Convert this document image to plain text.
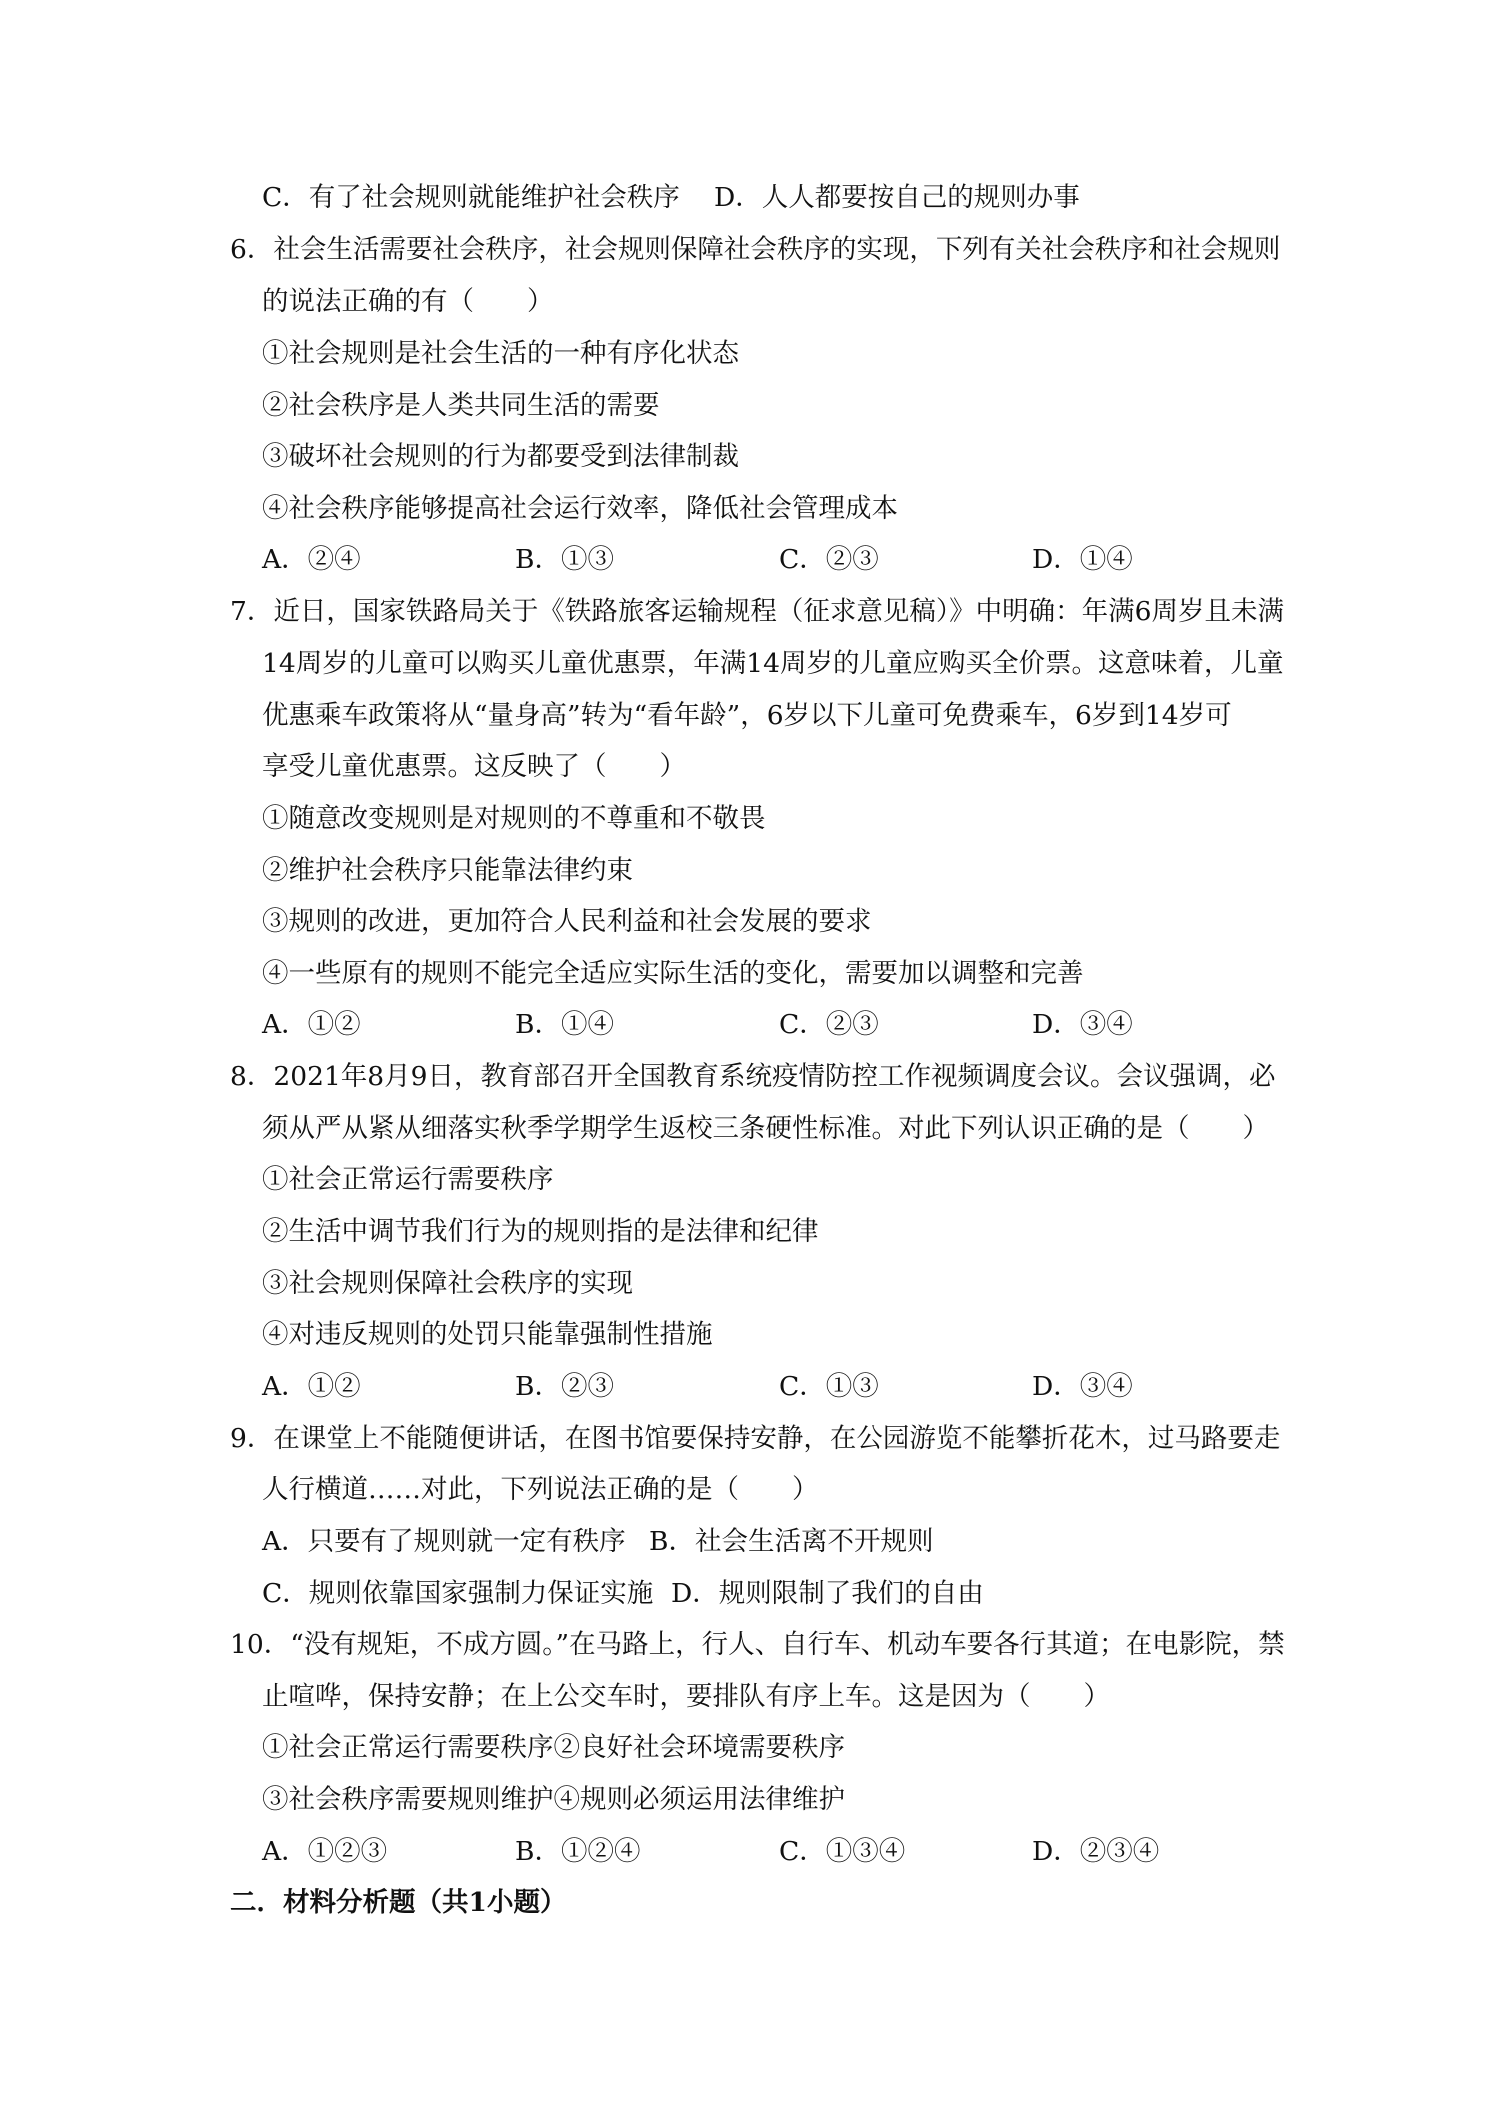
C．有了社会规则就能维护社会秩序 D．人人都要按自己的规则办事
6．社会生活需要社会秩序，社会规则保障社会秩序的实现，下列有关社会秩序和社会规则
的说法正确的有（　　）
①社会规则是社会生活的一种有序化状态
②社会秩序是人类共同生活的需要
③破坏社会规则的行为都要受到法律制裁
④社会秩序能够提高社会运行效率，降低社会管理成本
A．②④	B．①③	C．②③	D．①④
7．近日，国家铁路局关于《铁路旅客运输规程（征求意见稿）》中明确：年满6周岁且未满
14周岁的儿童可以购买儿童优惠票，年满14周岁的儿童应购买全价票。这意味着，儿童
优惠乘车政策将从“量身高”转为“看年龄”，6岁以下儿童可免费乘车，6岁到14岁可
享受儿童优惠票。这反映了（　　）
①随意改变规则是对规则的不尊重和不敬畏
②维护社会秩序只能靠法律约束
③规则的改进，更加符合人民利益和社会发展的要求
④一些原有的规则不能完全适应实际生活的变化，需要加以调整和完善
A．①②	B．①④	C．②③	D．③④
8．2021年8月9日，教育部召开全国教育系统疫情防控工作视频调度会议。会议强调，必
须从严从紧从细落实秋季学期学生返校三条硬性标准。对此下列认识正确的是（　　）
①社会正常运行需要秩序
②生活中调节我们行为的规则指的是法律和纪律
③社会规则保障社会秩序的实现
④对违反规则的处罚只能靠强制性措施
A．①②	B．②③	C．①③	D．③④
9．在课堂上不能随便讲话，在图书馆要保持安静，在公园游览不能攀折花木，过马路要走
人行横道……对此，下列说法正确的是（　　）
A．只要有了规则就一定有秩序 B．社会生活离不开规则
C．规则依靠国家强制力保证实施 D．规则限制了我们的自由
10．“没有规矩，不成方圆。”在马路上，行人、自行车、机动车要各行其道；在电影院，禁
止喧哗，保持安静；在上公交车时，要排队有序上车。这是因为（　　）
①社会正常运行需要秩序②良好社会环境需要秩序
③社会秩序需要规则维护④规则必须运用法律维护
A．①②③	B．①②④	C．①③④	D．②③④
二．材料分析题（共1小题）
